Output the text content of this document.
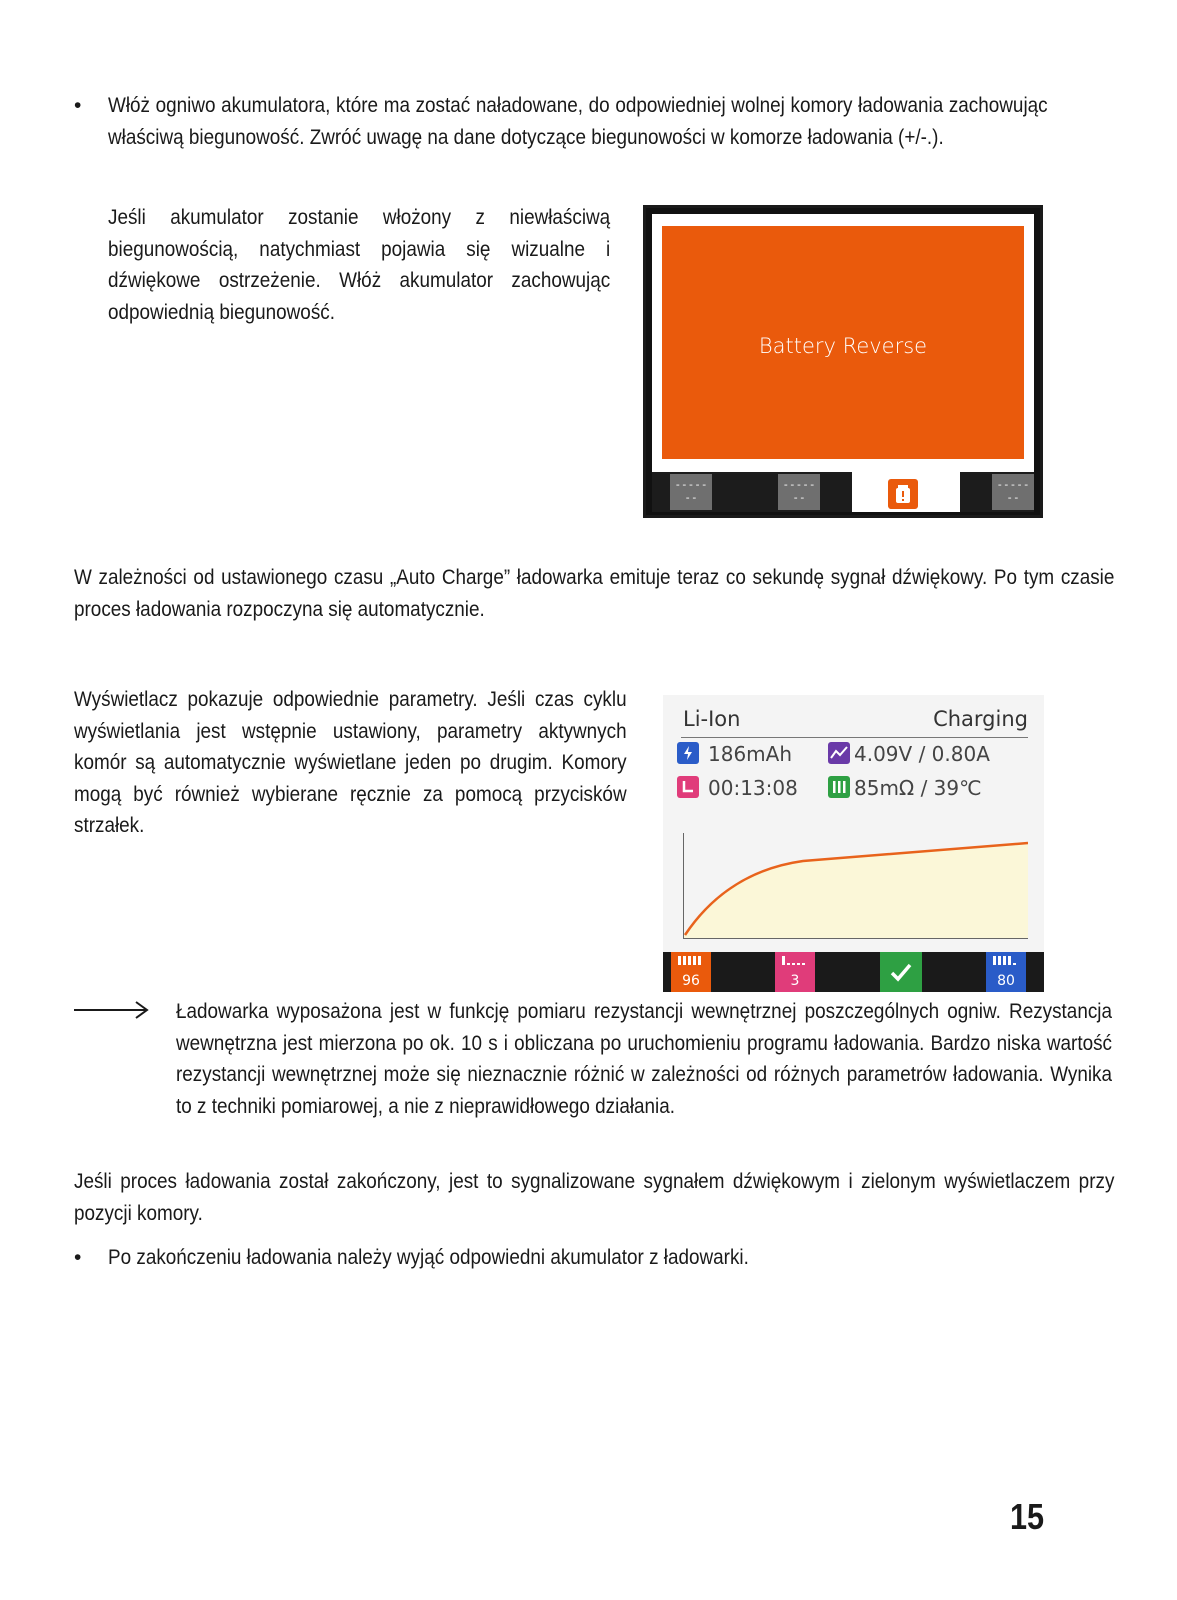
• Włóż ogniwo akumulatora, które ma zostać naładowane, do odpowiedniej wolnej komory ładowania zachowując właściwą biegunowość. Zwróć uwagę na dane dotyczące biegunowości w komorze ładowania (+/-.).
Jeśli akumulator zostanie włożony z niewłaściwą biegunowością, natychmiast pojawia się wizualne i dźwiękowe ostrzeżenie. Włóż akumulator zachowując odpowiednią biegunowość.
Battery Reverse
-----
--
-----
--
-----
--
W zależności od ustawionego czasu „Auto Charge” ładowarka emituje teraz co sekundę sygnał dźwiękowy. Po tym czasie proces ładowania rozpoczyna się automatycznie.
Wyświetlacz pokazuje odpowiednie parametry. Jeśli czas cyklu wyświetlania jest wstępnie ustawiony, parametry aktywnych komór są automatycznie wyświetlane jeden po drugim. Komory mogą być również wybierane ręcznie za pomocą przycisków strzałek.
Li-Ion	Charging
186mAh	4.09V / 0.80A
00:13:08	85mΩ / 39℃
96	3	80
Ładowarka wyposażona jest w funkcję pomiaru rezystancji wewnętrznej poszczególnych ogniw. Rezystancja wewnętrzna jest mierzona po ok. 10 s i obliczana po uruchomieniu programu ładowania. Bardzo niska wartość rezystancji wewnętrznej może się nieznacznie różnić w zależności od różnych parametrów ładowania. Wynika to z techniki pomiarowej, a nie z nieprawidłowego działania.
Jeśli proces ładowania został zakończony, jest to sygnalizowane sygnałem dźwiękowym i zielonym wyświetlaczem przy pozycji komory.
• Po zakończeniu ładowania należy wyjąć odpowiedni akumulator z ładowarki.
15
